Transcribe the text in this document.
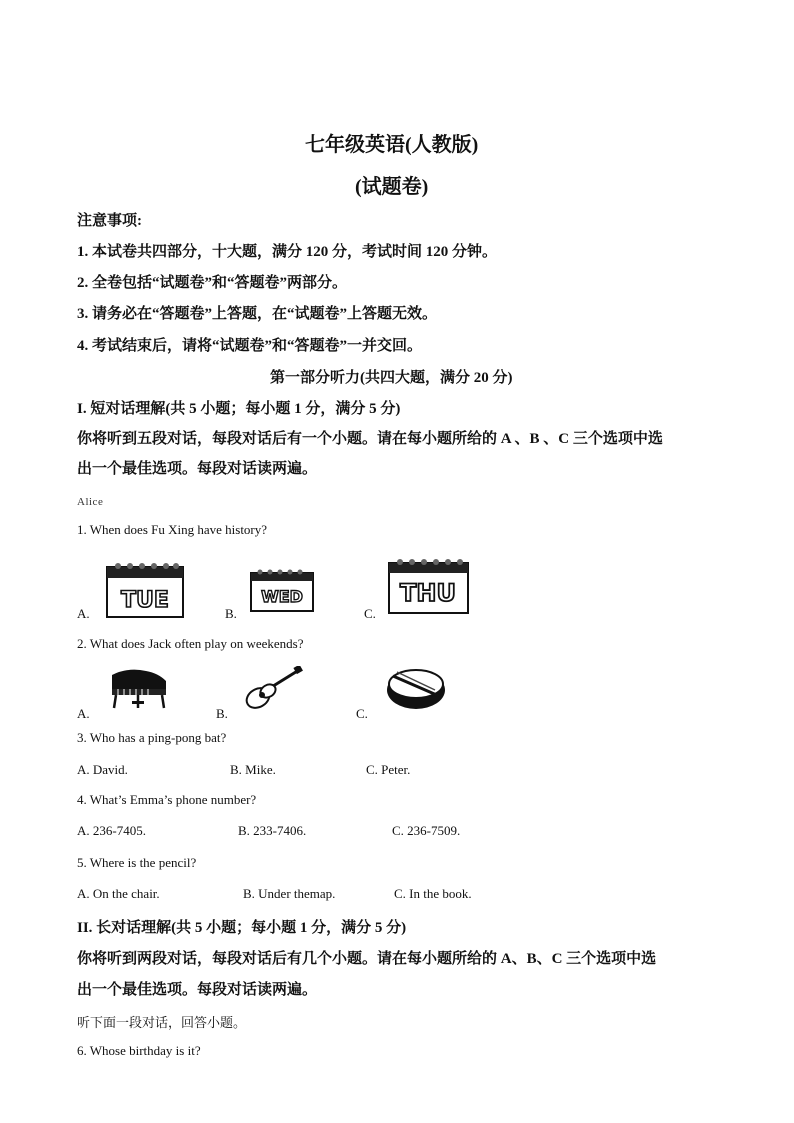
七年级英语(人教版)
(试题卷)
注意事项:
1. 本试卷共四部分，十大题，满分 120 分，考试时间 120 分钟。
2. 全卷包括“试题卷”和“答题卷”两部分。
3. 请务必在“答题卷”上答题，在“试题卷”上答题无效。
4. 考试结束后，请将“试题卷”和“答题卷”一并交回。
第一部分听力(共四大题，满分 20 分)
I. 短对话理解(共 5 小题；每小题 1 分，满分 5 分)
你将听到五段对话，每段对话后有一个小题。请在每小题所给的 A 、B 、C 三个选项中选
出一个最佳选项。每段对话读两遍。
Alice
1. When does Fu Xing have history?
A.
TUE
B.
WED
C.
THU
2. What does Jack often play on weekends?
A.	B.	C.
3. Who has a ping-pong bat?
A. David.	B. Mike.	C. Peter.
4. What’s Emma’s phone number?
A. 236-7405.	B. 233-7406.	C. 236-7509.
5. Where is the pencil?
A. On the chair.	B. Under themap.	C. In the book.
II. 长对话理解(共 5 小题；每小题 1 分，满分 5 分)
你将听到两段对话，每段对话后有几个小题。请在每小题所给的 A、B、C 三个选项中选
出一个最佳选项。每段对话读两遍。
听下面一段对话，回答小题。
6. Whose birthday is it?
